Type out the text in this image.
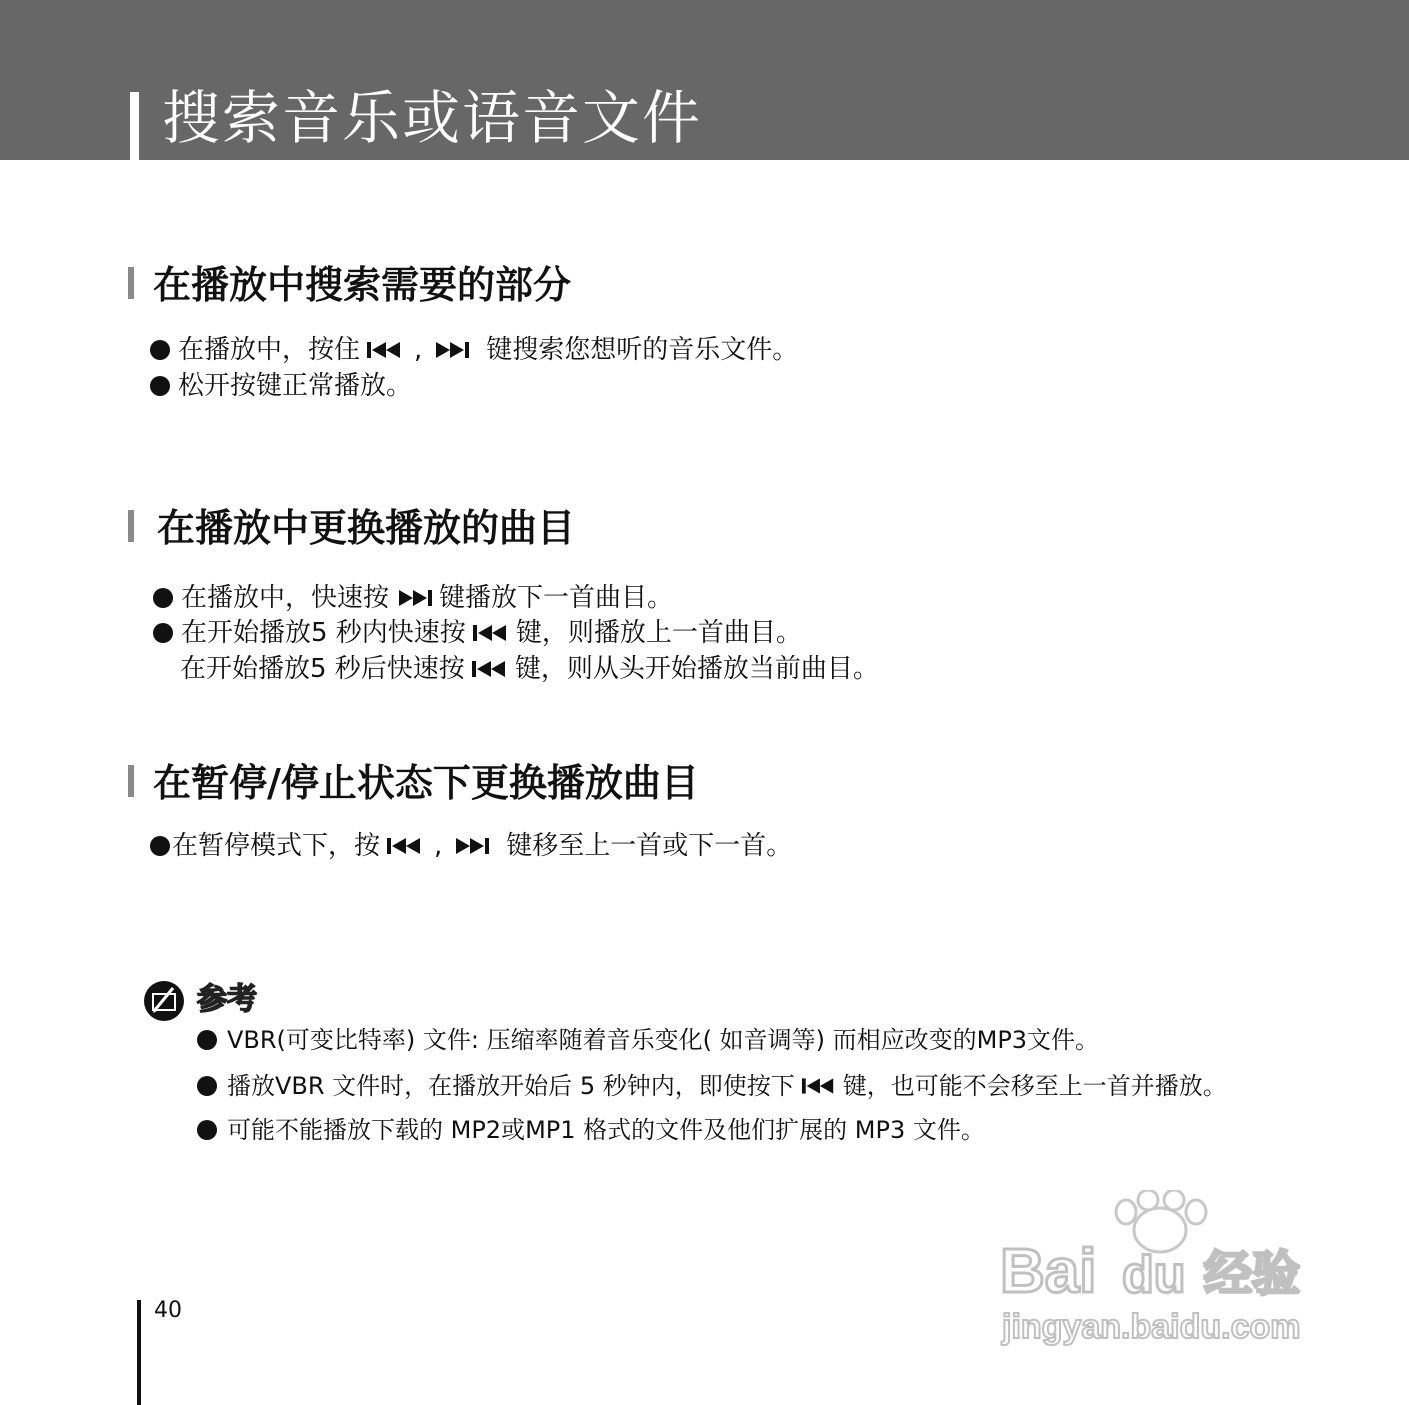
搜索音乐或语音文件
在播放中搜索需要的部分
在播放中，按住 , 键搜索您想听的音乐文件。
松开按键正常播放。
在播放中更换播放的曲目
在播放中，快速按 键播放下一首曲目。
在开始播放5 秒内快速按 键，则播放上一首曲目。
在开始播放5 秒后快速按 键，则从头开始播放当前曲目。
在暂停/停止状态下更换播放曲目
在暂停模式下，按 , 键移至上一首或下一首。
参考
VBR(可变比特率) 文件: 压缩率随着音乐变化( 如音调等) 而相应改变的MP3文件。
播放VBR 文件时，在播放开始后 5 秒钟内，即使按下 键，也可能不会移至上一首并播放。
可能不能播放下载的 MP2或MP1 格式的文件及他们扩展的 MP3 文件。
40
Bai du 经验
jingyan.baidu.com
